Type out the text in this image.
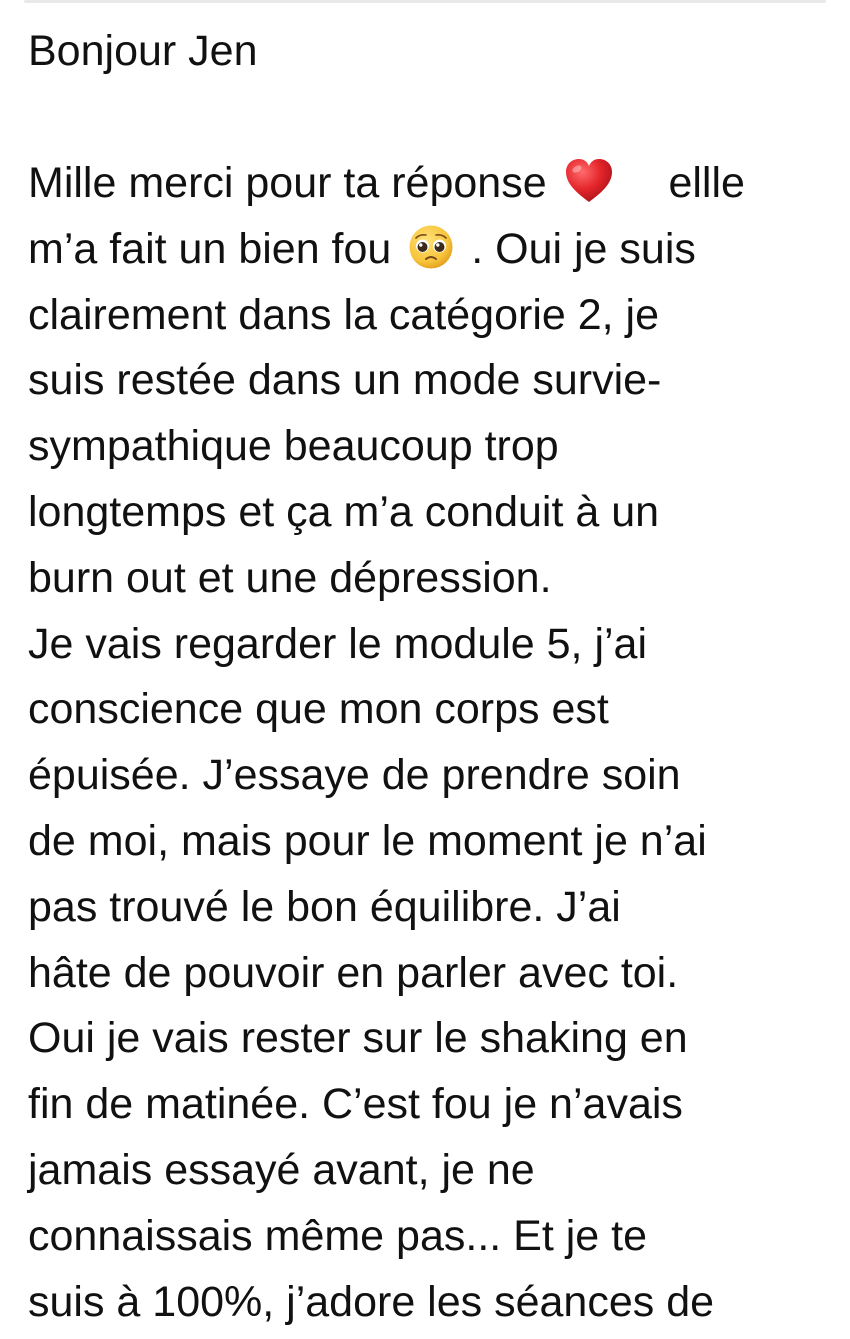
Bonjour Jen
Mille merci pour ta réponse	ellle
m’a fait un bien fou . Oui je suis
clairement dans la catégorie 2, je
suis restée dans un mode survie-
sympathique beaucoup trop
longtemps et ça m’a conduit à un
burn out et une dépression.
Je vais regarder le module 5, j’ai
conscience que mon corps est
épuisée. J’essaye de prendre soin
de moi, mais pour le moment je n’ai
pas trouvé le bon équilibre. J’ai
hâte de pouvoir en parler avec toi.
Oui je vais rester sur le shaking en
fin de matinée. C’est fou je n’avais
jamais essayé avant, je ne
connaissais même pas... Et je te
suis à 100%, j’adore les séances de
